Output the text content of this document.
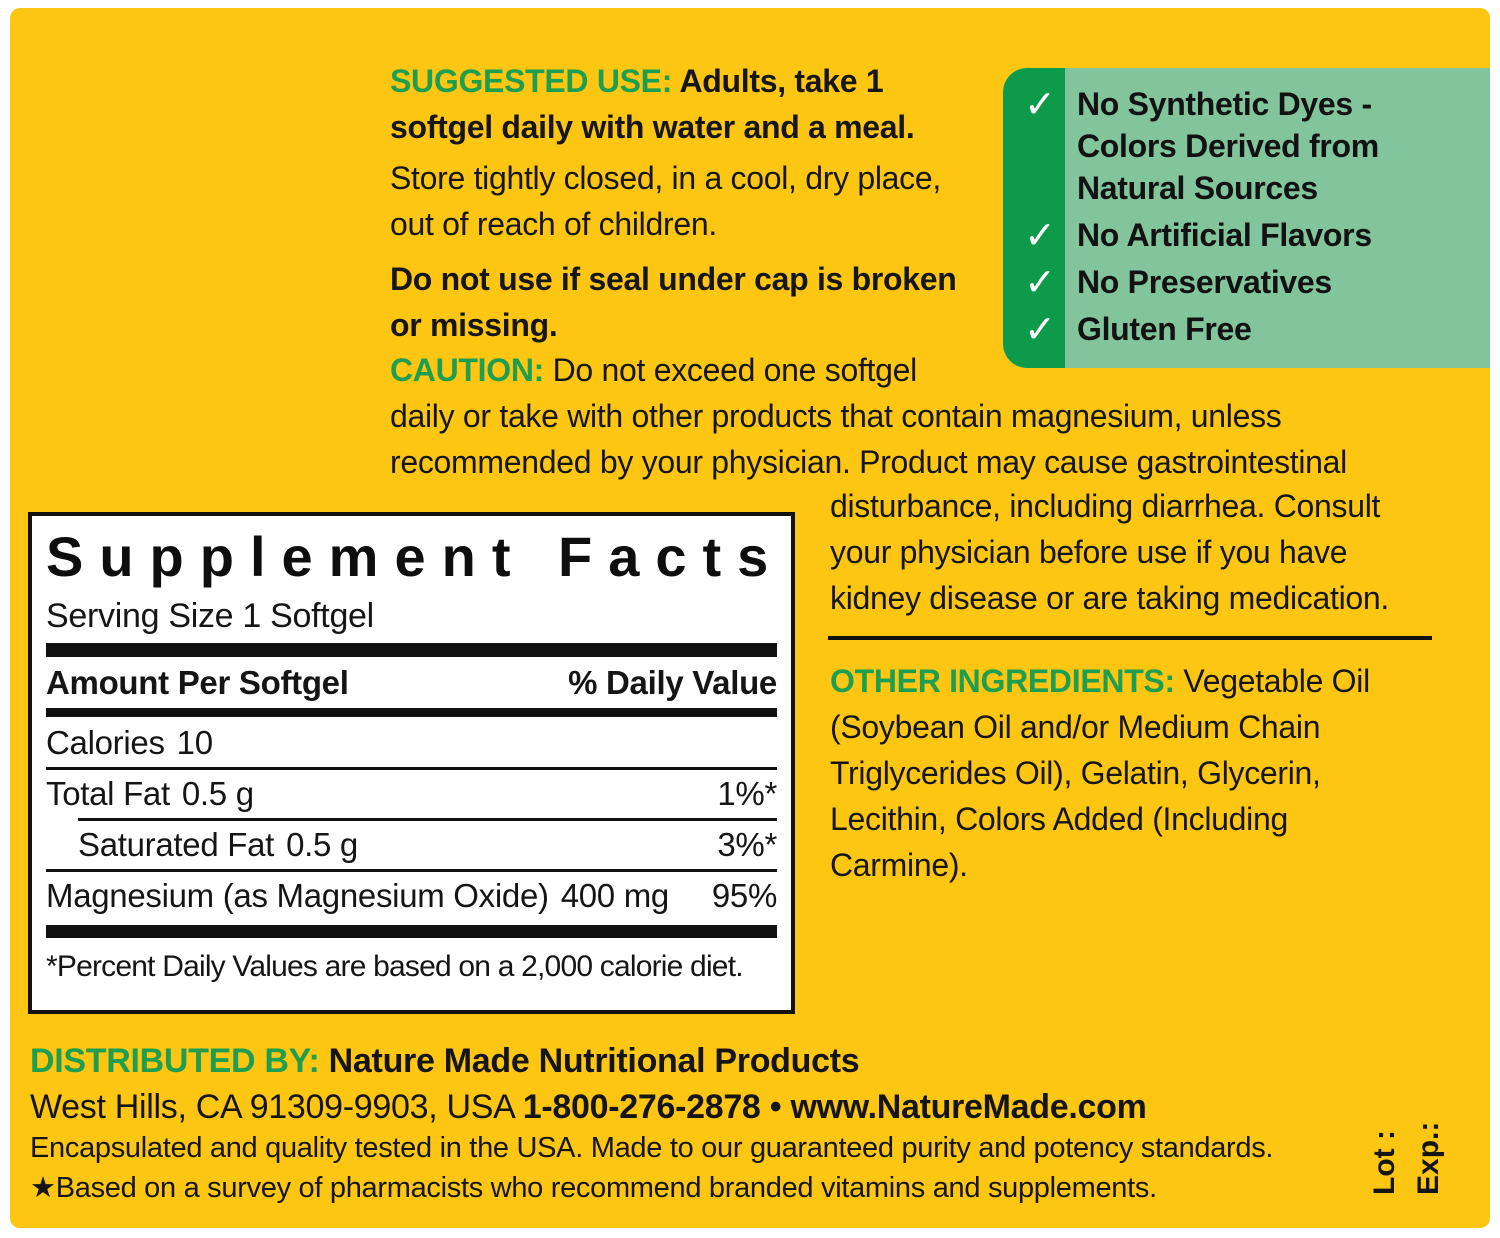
SUGGESTED USE: Adults, take 1
softgel daily with water and a meal.
Store tightly closed, in a cool, dry place,
out of reach of children.
Do not use if seal under cap is broken
or missing.
✓ No Synthetic Dyes -
Colors Derived from
Natural Sources
✓ No Artificial Flavors
✓ No Preservatives
✓ Gluten Free
CAUTION: Do not exceed one softgel
daily or take with other products that contain magnesium, unless
recommended by your physician. Product may cause gastrointestinal
disturbance, including diarrhea. Consult
your physician before use if you have
kidney disease or are taking medication.
Supplement Facts
Serving Size 1 Softgel
Amount Per Softgel	% Daily Value
Calories 10
Total Fat 0.5 g	1%*
Saturated Fat 0.5 g	3%*
Magnesium (as Magnesium Oxide) 400 mg 95%
*Percent Daily Values are based on a 2,000 calorie diet.
OTHER INGREDIENTS: Vegetable Oil
(Soybean Oil and/or Medium Chain
Triglycerides Oil), Gelatin, Glycerin,
Lecithin, Colors Added (Including
Carmine).
DISTRIBUTED BY: Nature Made Nutritional Products
West Hills, CA 91309-9903, USA 1-800-276-2878 • www.NatureMade.com
Encapsulated and quality tested in the USA. Made to our guaranteed purity and potency standards.
★Based on a survey of pharmacists who recommend branded vitamins and supplements.	Lot : Exp.:
